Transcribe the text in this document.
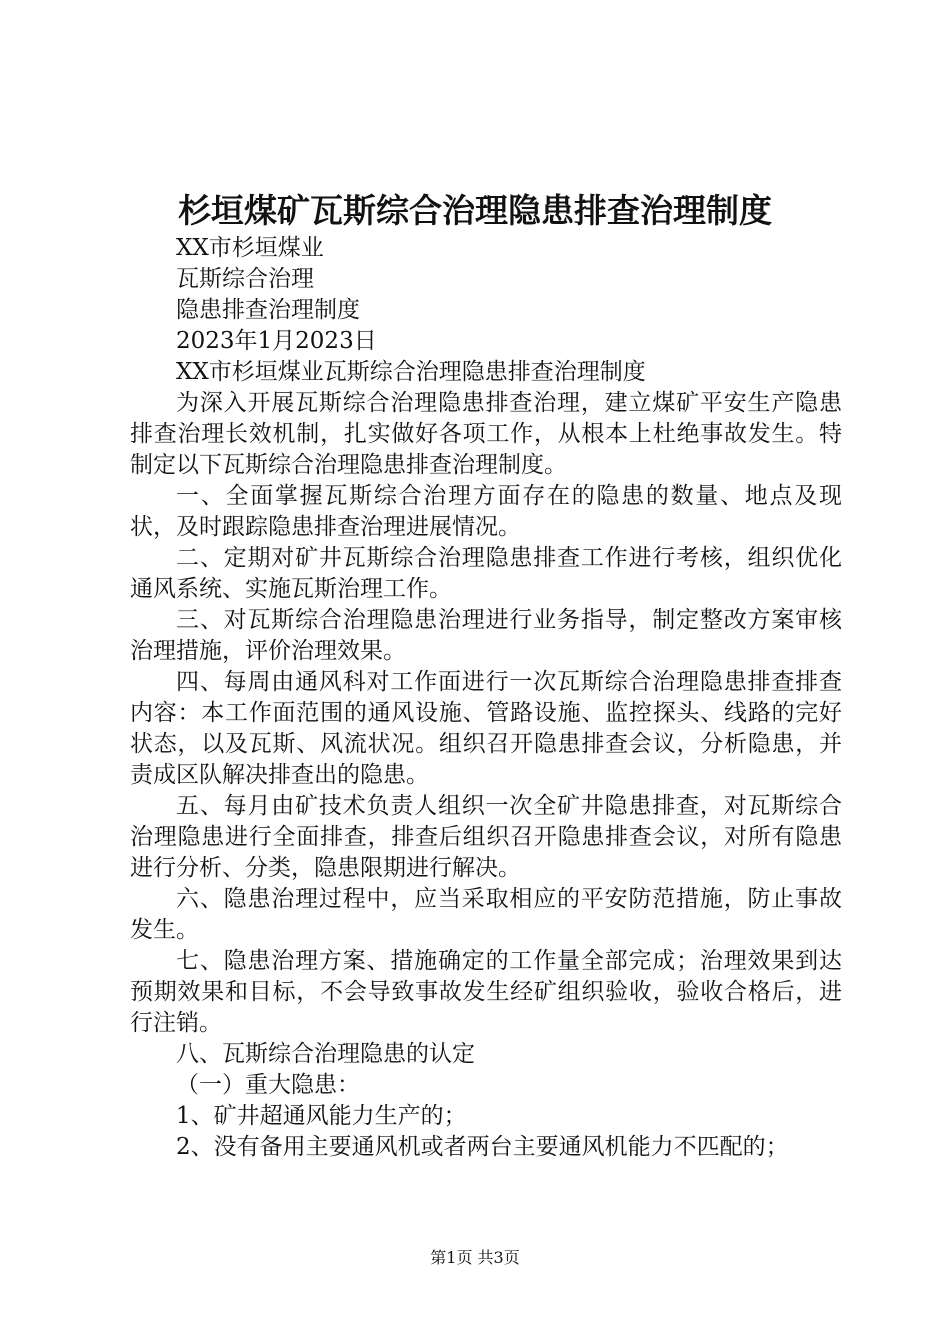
杉垣煤矿瓦斯综合治理隐患排查治理制度

XX市杉垣煤业

瓦斯综合治理

隐患排查治理制度

2023年1月2023日

XX市杉垣煤业瓦斯综合治理隐患排查治理制度

为深入开展瓦斯综合治理隐患排查治理，建立煤矿平安生产隐患排查治理长效机制，扎实做好各项工作，从根本上杜绝事故发生。特制定以下瓦斯综合治理隐患排查治理制度。

一、全面掌握瓦斯综合治理方面存在的隐患的数量、地点及现状，及时跟踪隐患排查治理进展情况。

二、定期对矿井瓦斯综合治理隐患排查工作进行考核，组织优化通风系统、实施瓦斯治理工作。

三、对瓦斯综合治理隐患治理进行业务指导，制定整改方案审核治理措施，评价治理效果。

四、每周由通风科对工作面进行一次瓦斯综合治理隐患排查排查内容：本工作面范围的通风设施、管路设施、监控探头、线路的完好状态，以及瓦斯、风流状况。组织召开隐患排查会议，分析隐患，并责成区队解决排查出的隐患。

五、每月由矿技术负责人组织一次全矿井隐患排查，对瓦斯综合治理隐患进行全面排查，排查后组织召开隐患排查会议，对所有隐患进行分析、分类，隐患限期进行解决。

六、隐患治理过程中，应当采取相应的平安防范措施，防止事故发生。

七、隐患治理方案、措施确定的工作量全部完成；治理效果到达预期效果和目标，不会导致事故发生经矿组织验收，验收合格后，进行注销。

八、瓦斯综合治理隐患的认定

（一）重大隐患：

1、矿井超通风能力生产的；

2、没有备用主要通风机或者两台主要通风机能力不匹配的；

第1页 共3页
